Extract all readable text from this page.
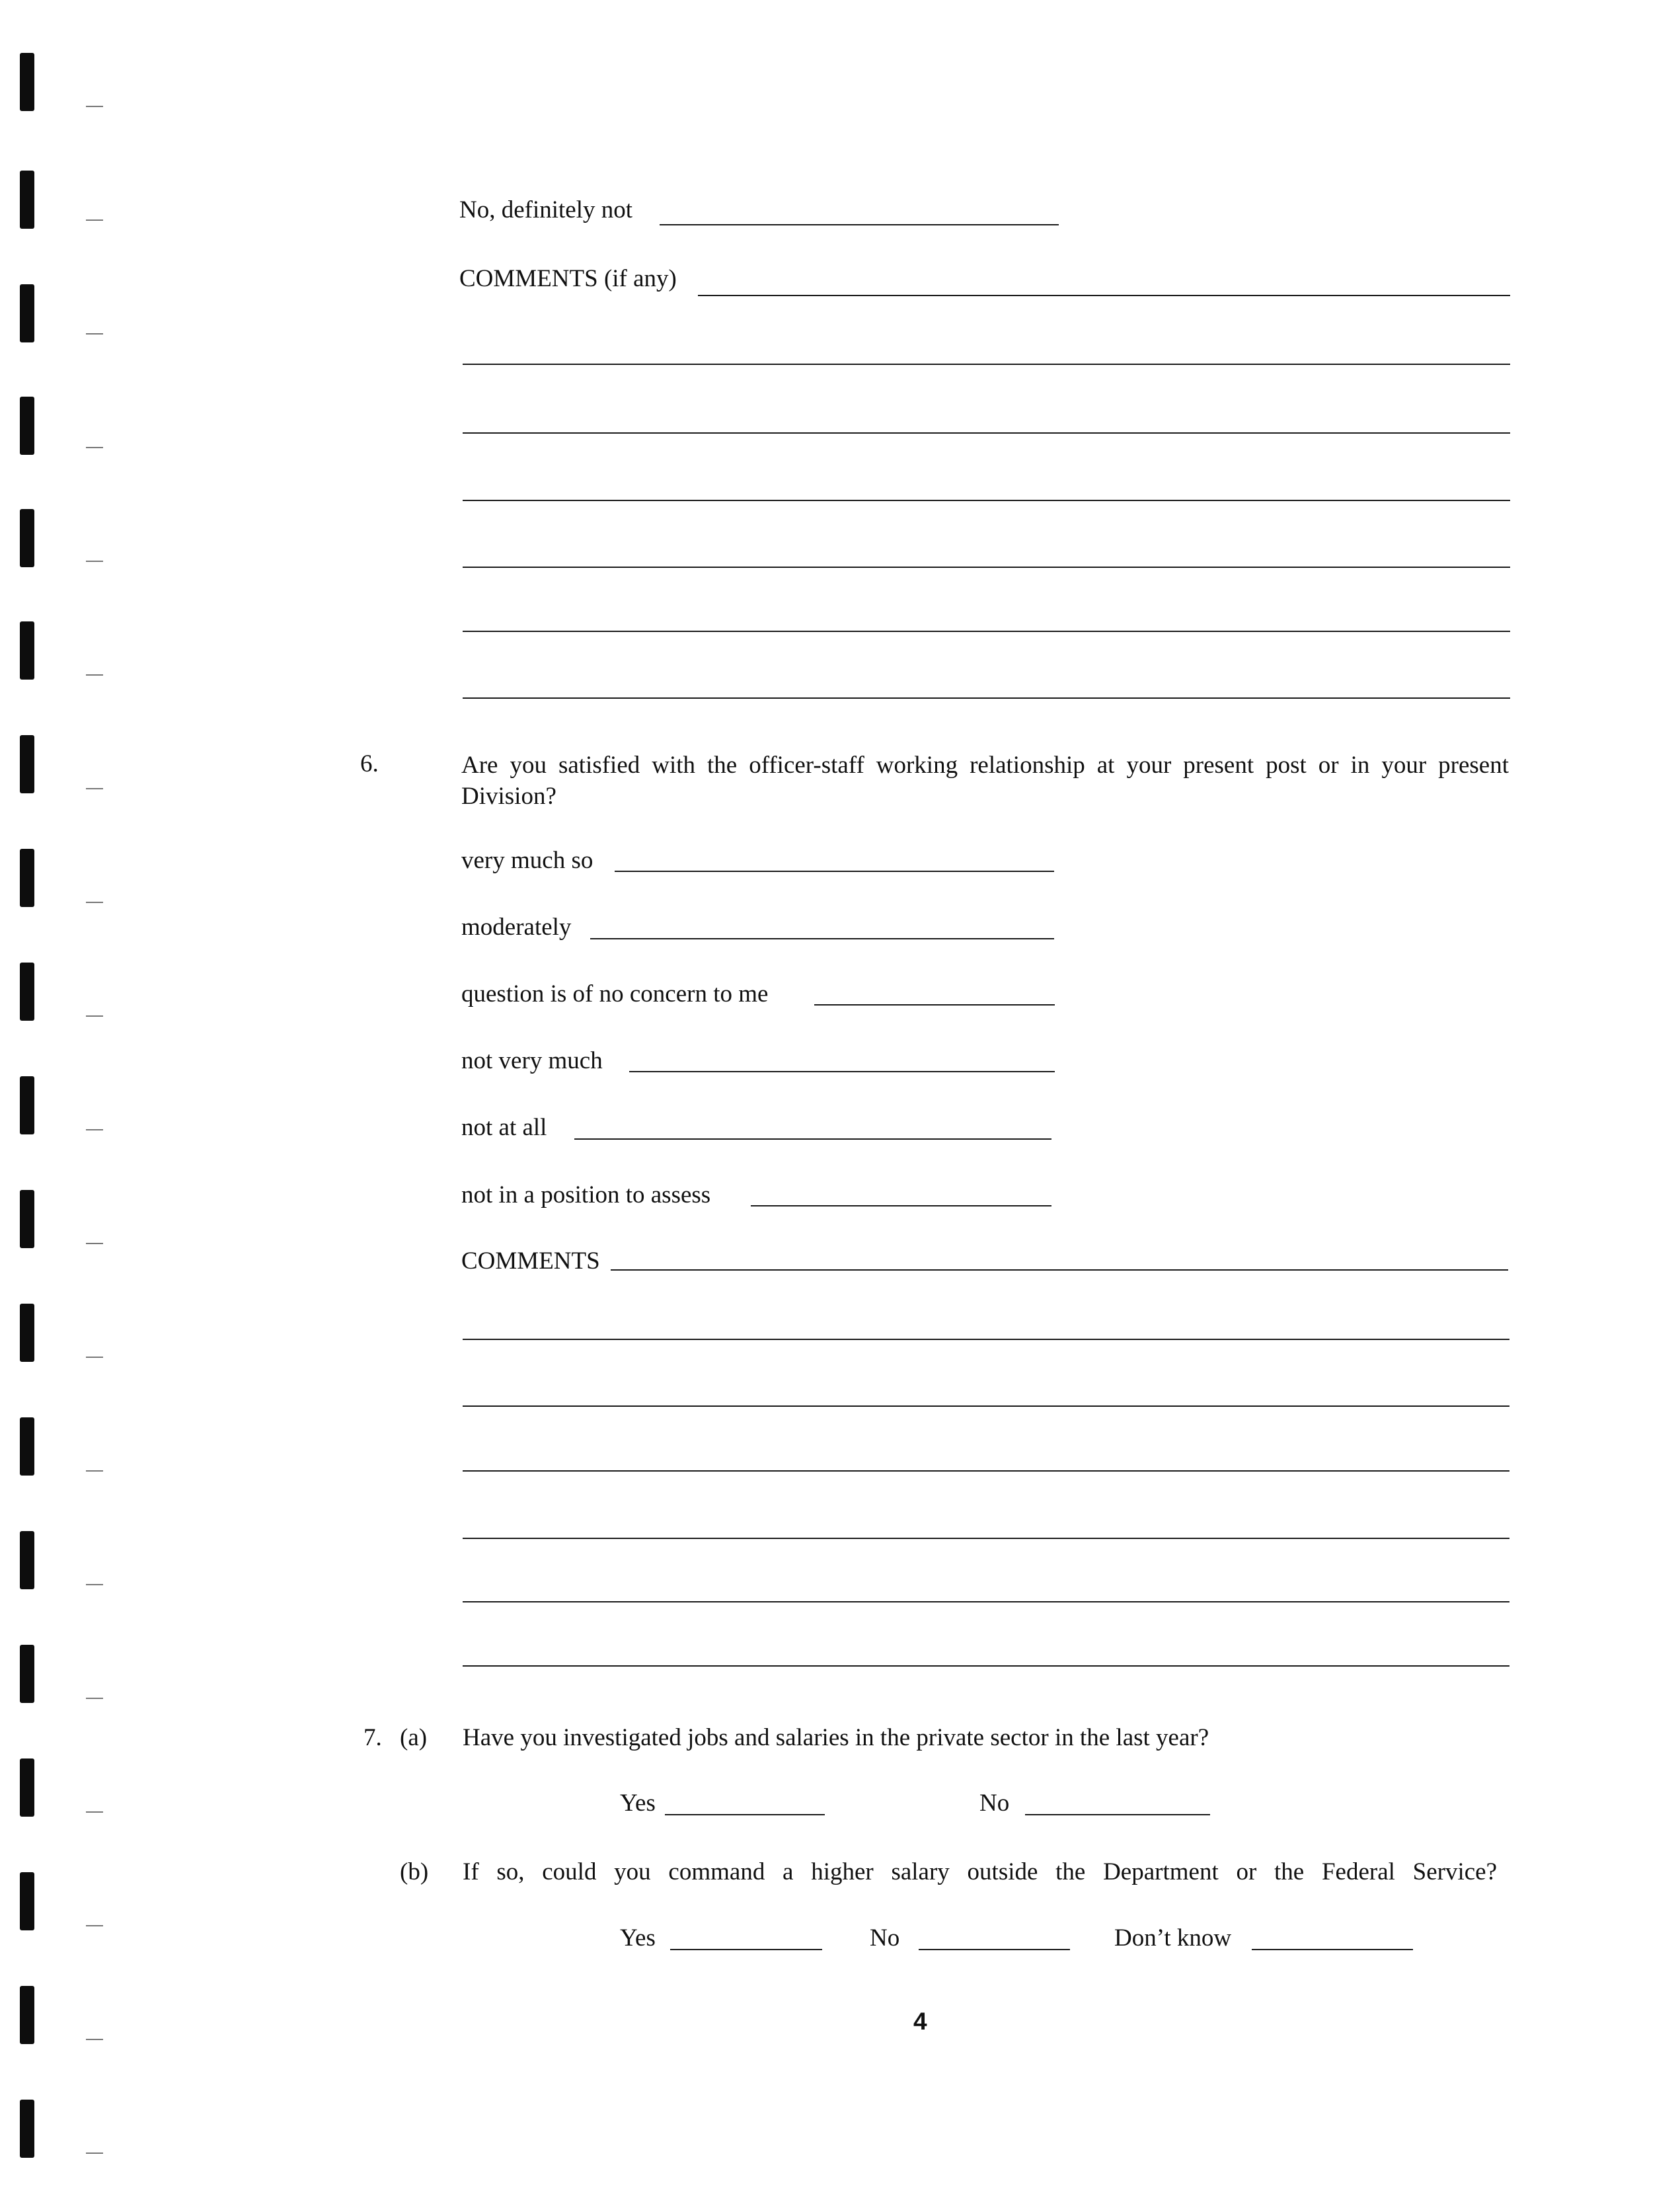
No, definitely not
COMMENTS (if any)
6.	Are you satisfied with the officer-staff working relationship at your present post or in your present Division?
very much so
moderately
question is of no concern to me
not very much
not at all
not in a position to assess
COMMENTS
7. (a) Have you investigated jobs and salaries in the private sector in the last year?
Yes	No
(b) If so, could you command a higher salary outside the Department or the Federal Service?
Yes	No	Don’t know
4
